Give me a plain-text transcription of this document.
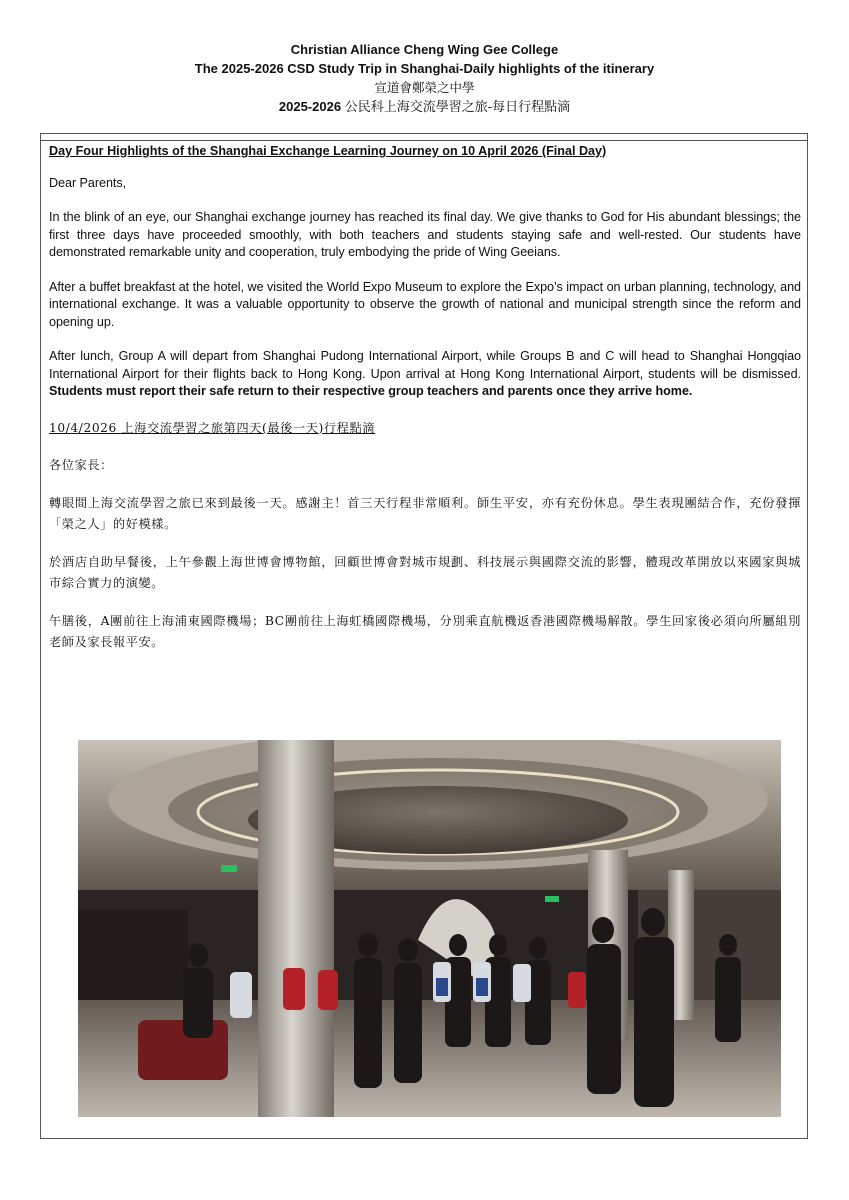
Christian Alliance Cheng Wing Gee College
The 2025-2026 CSD Study Trip in Shanghai-Daily highlights of the itinerary
宣道會鄭榮之中學
2025-2026 公民科上海交流學習之旅-每日行程點滴
Day Four Highlights of the Shanghai Exchange Learning Journey on 10 April 2026 (Final Day)

Dear Parents,

In the blink of an eye, our Shanghai exchange journey has reached its final day. We give thanks to God for His abundant blessings; the first three days have proceeded smoothly, with both teachers and students staying safe and well-rested. Our students have demonstrated remarkable unity and cooperation, truly embodying the pride of Wing Geeians.

After a buffet breakfast at the hotel, we visited the World Expo Museum to explore the Expo’s impact on urban planning, technology, and international exchange. It was a valuable opportunity to observe the growth of national and municipal strength since the reform and opening up.

After lunch, Group A will depart from Shanghai Pudong International Airport, while Groups B and C will head to Shanghai Hongqiao International Airport for their flights back to Hong Kong. Upon arrival at Hong Kong International Airport, students will be dismissed. Students must report their safe return to their respective group teachers and parents once they arrive home.

10/4/2026 上海交流學習之旅第四天(最後一天)行程點滴

各位家長：

轉眼間上海交流學習之旅已來到最後一天。感謝主！首三天行程非常順利。師生平安，亦有充份休息。學生表現團結合作，充份發揮 「榮之人」的好模樣。

於酒店自助早餐後，上午參觀上海世博會博物館，回顧世博會對城市規劃、科技展示與國際交流的影響，體現改革開放以來國家與城市綜合實力的演變。

午膳後，A團前往上海浦東國際機場；BC團前往上海虹橋國際機場，分別乘直航機返香港國際機場解散。學生回家後必須向所屬組別老師及家長報平安。
